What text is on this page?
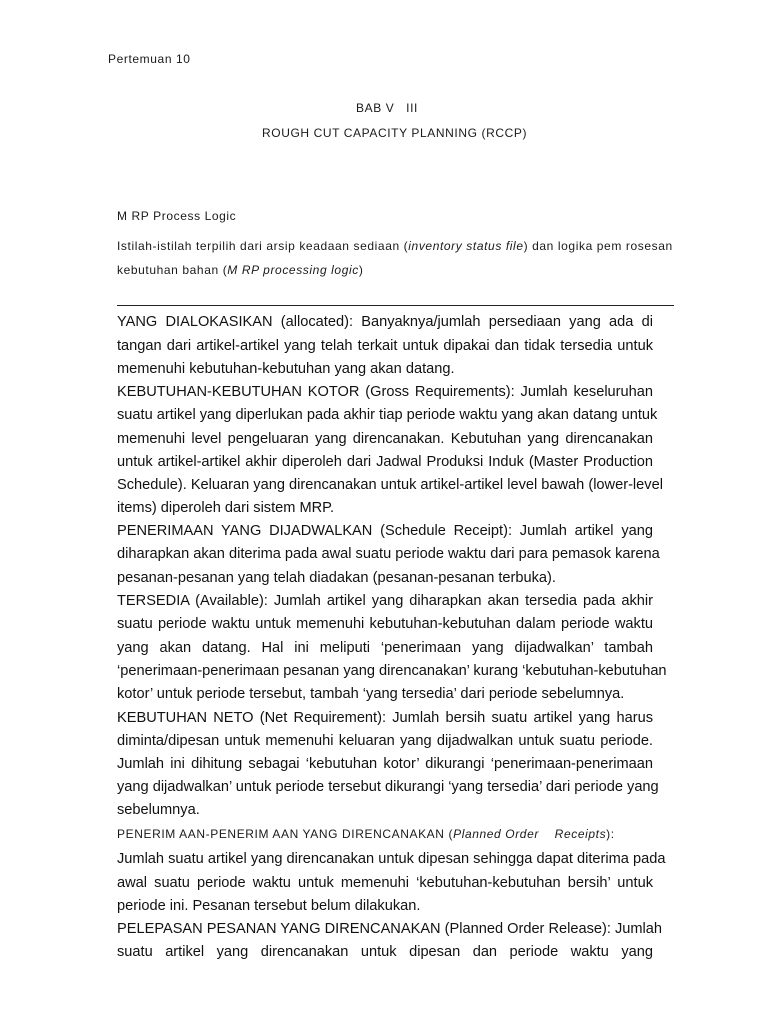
Pertemuan 10
BAB V   III
ROUGH CUT CAPACITY PLANNING (RCCP)
M RP Process Logic
Istilah-istilah terpilih dari arsip keadaan sediaan (inventory status file) dan logika pem rosesan
kebutuhan bahan (M RP processing logic)
YANG DIALOKASIKAN (allocated): Banyaknya/jumlah persediaan yang ada di
tangan dari artikel-artikel yang telah terkait untuk dipakai dan tidak tersedia untuk
memenuhi kebutuhan-kebutuhan yang akan datang.
KEBUTUHAN-KEBUTUHAN KOTOR (Gross Requirements): Jumlah keseluruhan
suatu artikel yang diperlukan pada akhir tiap periode waktu yang akan datang untuk
memenuhi level pengeluaran yang direncanakan. Kebutuhan yang direncanakan
untuk artikel-artikel akhir diperoleh dari Jadwal Produksi Induk (Master Production
Schedule). Keluaran yang direncanakan untuk artikel-artikel level bawah (lower-level
items) diperoleh dari sistem MRP.
PENERIMAAN YANG DIJADWALKAN (Schedule Receipt): Jumlah artikel yang
diharapkan akan diterima pada awal suatu periode waktu dari para pemasok karena
pesanan-pesanan yang telah diadakan (pesanan-pesanan terbuka).
TERSEDIA (Available): Jumlah artikel yang diharapkan akan tersedia pada akhir
suatu periode waktu untuk memenuhi kebutuhan-kebutuhan dalam periode waktu
yang akan datang. Hal ini meliputi ‘penerimaan yang dijadwalkan’ tambah
‘penerimaan-penerimaan pesanan yang direncanakan’ kurang ‘kebutuhan-kebutuhan
kotor’ untuk periode tersebut, tambah ‘yang tersedia’ dari periode sebelumnya.
KEBUTUHAN NETO (Net Requirement): Jumlah bersih suatu artikel yang harus
diminta/dipesan untuk memenuhi keluaran yang dijadwalkan untuk suatu periode.
Jumlah ini dihitung sebagai ‘kebutuhan kotor’ dikurangi ‘penerimaan-penerimaan
yang dijadwalkan’ untuk periode tersebut dikurangi ‘yang tersedia’ dari periode yang
sebelumnya.
PENERIM AAN-PENERIM AAN YANG DIRENCANAKAN (Planned Order    Receipts):
Jumlah suatu artikel yang direncanakan untuk dipesan sehingga dapat diterima pada
awal suatu periode waktu untuk memenuhi ‘kebutuhan-kebutuhan bersih’ untuk
periode ini. Pesanan tersebut belum dilakukan.
PELEPASAN PESANAN YANG DIRENCANAKAN (Planned Order Release): Jumlah
suatu artikel yang direncanakan untuk dipesan dan periode waktu yang
